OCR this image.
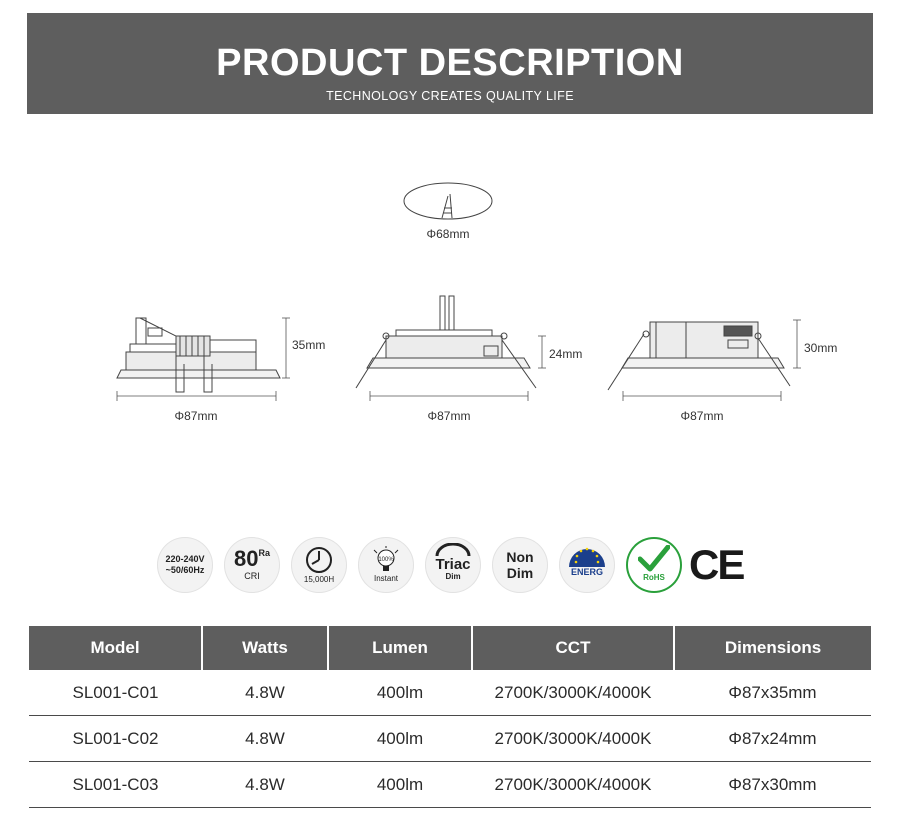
PRODUCT DESCRIPTION
TECHNOLOGY CREATES QUALITY LIFE
Φ68mm
35mm
Φ87mm
24mm
Φ87mm
30mm
Φ87mm
220-240V
~50/60Hz $80^{Ra}$
CRI	15,000H
100%
Instant
Triac
Dim
Non
Dim	ENERG
RoHS CE
Model	Watts	Lumen	CCT	Dimensions
SL001-C01	4.8W	400lm	2700K/3000K/4000K	Φ87x35mm
SL001-C02	4.8W	400lm	2700K/3000K/4000K	Φ87x24mm
SL001-C03	4.8W	400lm	2700K/3000K/4000K	Φ87x30mm
